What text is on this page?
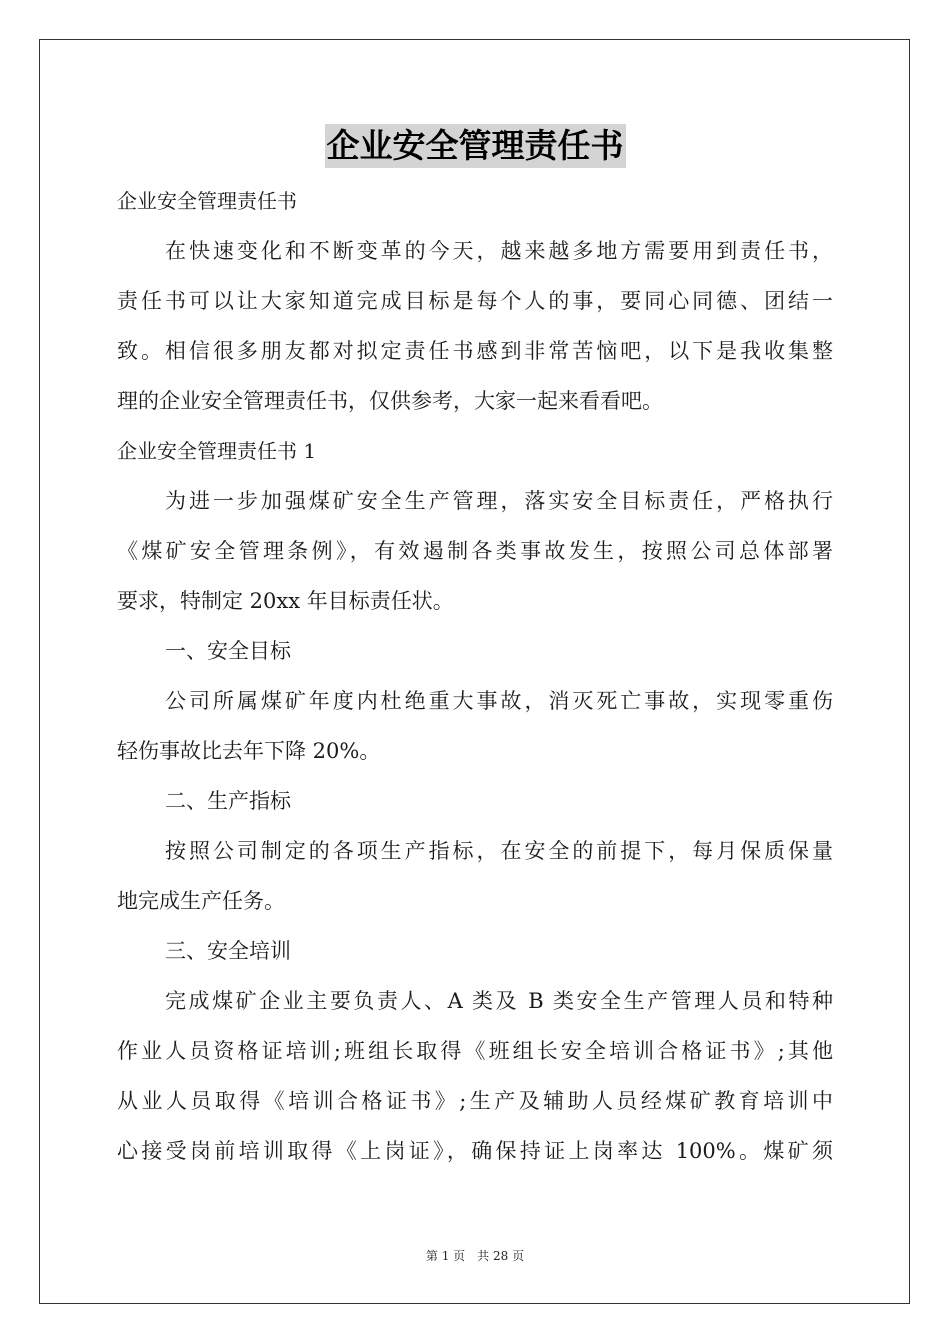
企业安全管理责任书
企业安全管理责任书
在快速变化和不断变革的今天，越来越多地方需要用到责任书，
责任书可以让大家知道完成目标是每个人的事，要同心同德、团结一
致。相信很多朋友都对拟定责任书感到非常苦恼吧，以下是我收集整
理的企业安全管理责任书，仅供参考，大家一起来看看吧。
企业安全管理责任书 1
为进一步加强煤矿安全生产管理，落实安全目标责任，严格执行
《煤矿安全管理条例》，有效遏制各类事故发生，按照公司总体部署
要求，特制定 20xx 年目标责任状。
一、安全目标
公司所属煤矿年度内杜绝重大事故，消灭死亡事故，实现零重伤
轻伤事故比去年下降 20%。
二、生产指标
按照公司制定的各项生产指标，在安全的前提下，每月保质保量
地完成生产任务。
三、安全培训
完成煤矿企业主要负责人、A 类及 B 类安全生产管理人员和特种
作业人员资格证培训;班组长取得《班组长安全培训合格证书》;其他
从业人员取得《培训合格证书》;生产及辅助人员经煤矿教育培训中
心接受岗前培训取得《上岗证》，确保持证上岗率达 100%。煤矿须
第 1 页　共 28 页
